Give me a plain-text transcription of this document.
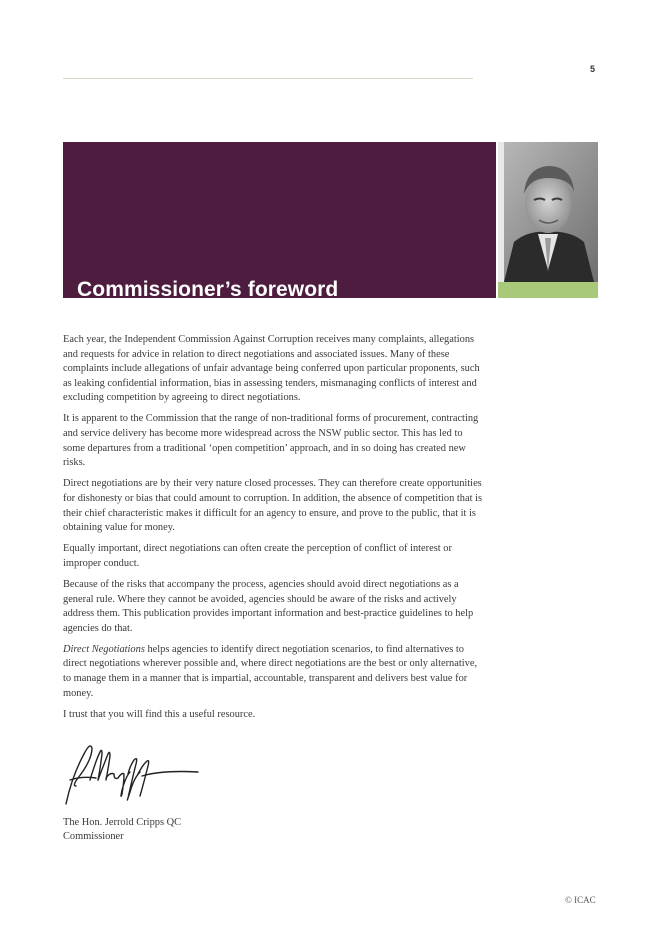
5
Commissioner’s foreword

Each year, the Independent Commission Against Corruption receives many complaints, allegations and requests for advice in relation to direct negotiations and associated issues. Many of these complaints include allegations of unfair advantage being conferred upon particular proponents, such as leaking confidential information, bias in assessing tenders, mismanaging conflicts of interest and excluding competition by agreeing to direct negotiations.

It is apparent to the Commission that the range of non-traditional forms of procurement, contracting and service delivery has become more widespread across the NSW public sector. This has led to some departures from a traditional ‘open competition’ approach, and in so doing has created new risks.

Direct negotiations are by their very nature closed processes. They can therefore create opportunities for dishonesty or bias that could amount to corruption. In addition, the absence of competition that is their chief characteristic makes it difficult for an agency to ensure, and prove to the public, that it is obtaining value for money.

Equally important, direct negotiations can often create the perception of conflict of interest or improper conduct.

Because of the risks that accompany the process, agencies should avoid direct negotiations as a general rule. Where they cannot be avoided, agencies should be aware of the risks and actively address them. This publication provides important information and best-practice guidelines to help agencies do that.

Direct Negotiations helps agencies to identify direct negotiation scenarios, to find alternatives to direct negotiations wherever possible and, where direct negotiations are the best or only alternative, to manage them in a manner that is impartial, accountable, transparent and delivers best value for money.

I trust that you will find this a useful resource.

The Hon. Jerrold Cripps QC
Commissioner
© ICAC
